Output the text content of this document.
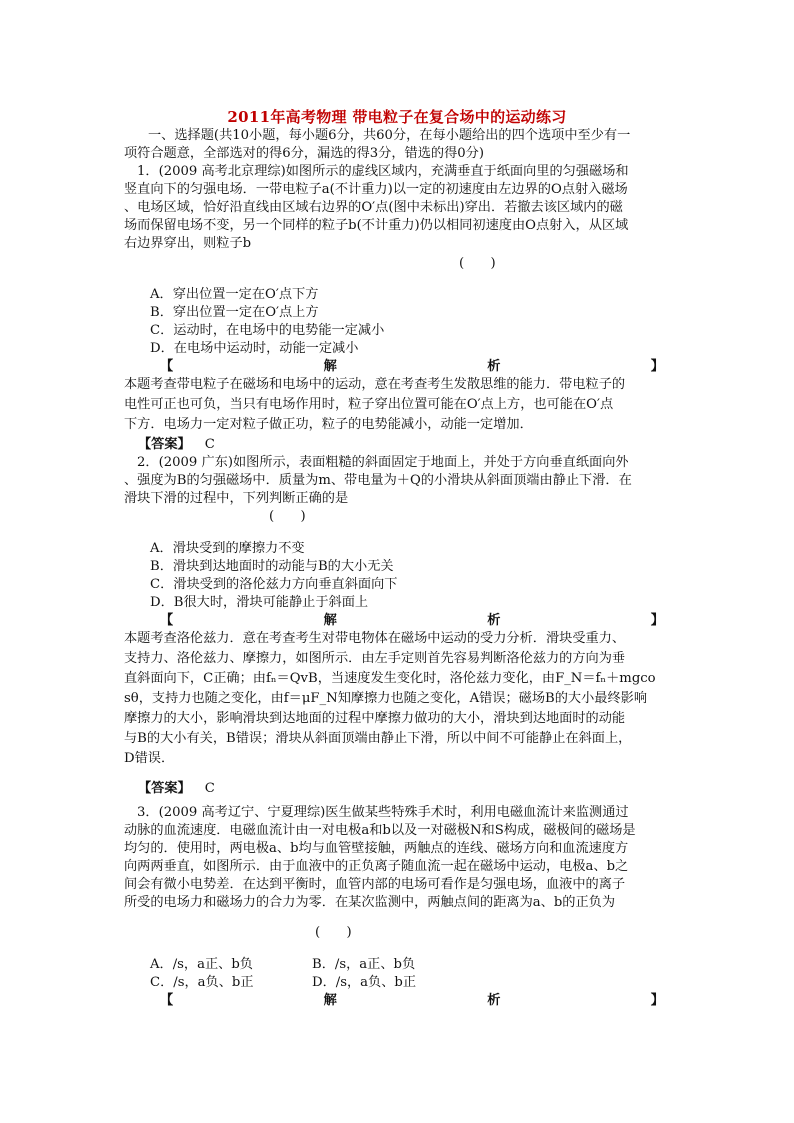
2011年高考物理 带电粒子在复合场中的运动练习
一、选择题(共10小题，每小题6分，共60分，在每小题给出的四个选项中至少有一
项符合题意，全部选对的得6分，漏选的得3分，错选的得0分)
1．(2009 高考北京理综)如图所示的虚线区域内，充满垂直于纸面向里的匀强磁场和
竖直向下的匀强电场．一带电粒子a(不计重力)以一定的初速度由左边界的O点射入磁场
、电场区域，恰好沿直线由区域右边界的O′点(图中未标出)穿出．若撤去该区域内的磁
场而保留电场不变，另一个同样的粒子b(不计重力)仍以相同初速度由O点射入，从区域
右边界穿出，则粒子b
(　　)
A．穿出位置一定在O′点下方
B．穿出位置一定在O′点上方
C．运动时，在电场中的电势能一定减小
D．在电场中运动时，动能一定减小
【	解	析	】
本题考查带电粒子在磁场和电场中的运动，意在考查考生发散思维的能力．带电粒子的
电性可正也可负，当只有电场作用时，粒子穿出位置可能在O′点上方，也可能在O′点
下方．电场力一定对粒子做正功，粒子的电势能减小，动能一定增加．
【答案】 C
2．(2009 广东)如图所示，表面粗糙的斜面固定于地面上，并处于方向垂直纸面向外
、强度为B的匀强磁场中．质量为m、带电量为＋Q的小滑块从斜面顶端由静止下滑．在
滑块下滑的过程中，下列判断正确的是
(　　)
A．滑块受到的摩擦力不变
B．滑块到达地面时的动能与B的大小无关
C．滑块受到的洛伦兹力方向垂直斜面向下
D．B很大时，滑块可能静止于斜面上
【	解	析	】
本题考查洛伦兹力．意在考查考生对带电物体在磁场中运动的受力分析．滑块受重力、
支持力、洛伦兹力、摩擦力，如图所示．由左手定则首先容易判断洛伦兹力的方向为垂
直斜面向下，C正确；由fₙ＝QvB，当速度发生变化时，洛伦兹力变化，由F_N＝fₙ＋mgco
sθ，支持力也随之变化，由f＝μF_N知摩擦力也随之变化，A错误；磁场B的大小最终影响
摩擦力的大小，影响滑块到达地面的过程中摩擦力做功的大小，滑块到达地面时的动能
与B的大小有关，B错误；滑块从斜面顶端由静止下滑，所以中间不可能静止在斜面上，
D错误．
【答案】 C
3．(2009 高考辽宁、宁夏理综)医生做某些特殊手术时，利用电磁血流计来监测通过
动脉的血流速度．电磁血流计由一对电极a和b以及一对磁极N和S构成，磁极间的磁场是
均匀的．使用时，两电极a、b均与血管壁接触，两触点的连线、磁场方向和血流速度方
向两两垂直，如图所示．由于血液中的正负离子随血流一起在磁场中运动，电极a、b之
间会有微小电势差．在达到平衡时，血管内部的电场可看作是匀强电场，血液中的离子
所受的电场力和磁场力的合力为零．在某次监测中，两触点间的距离为a、b的正负为
(　　)
A．/s，a正、b负	B．/s，a正、b负
C．/s，a负、b正	D．/s，a负、b正
【	解	析	】
